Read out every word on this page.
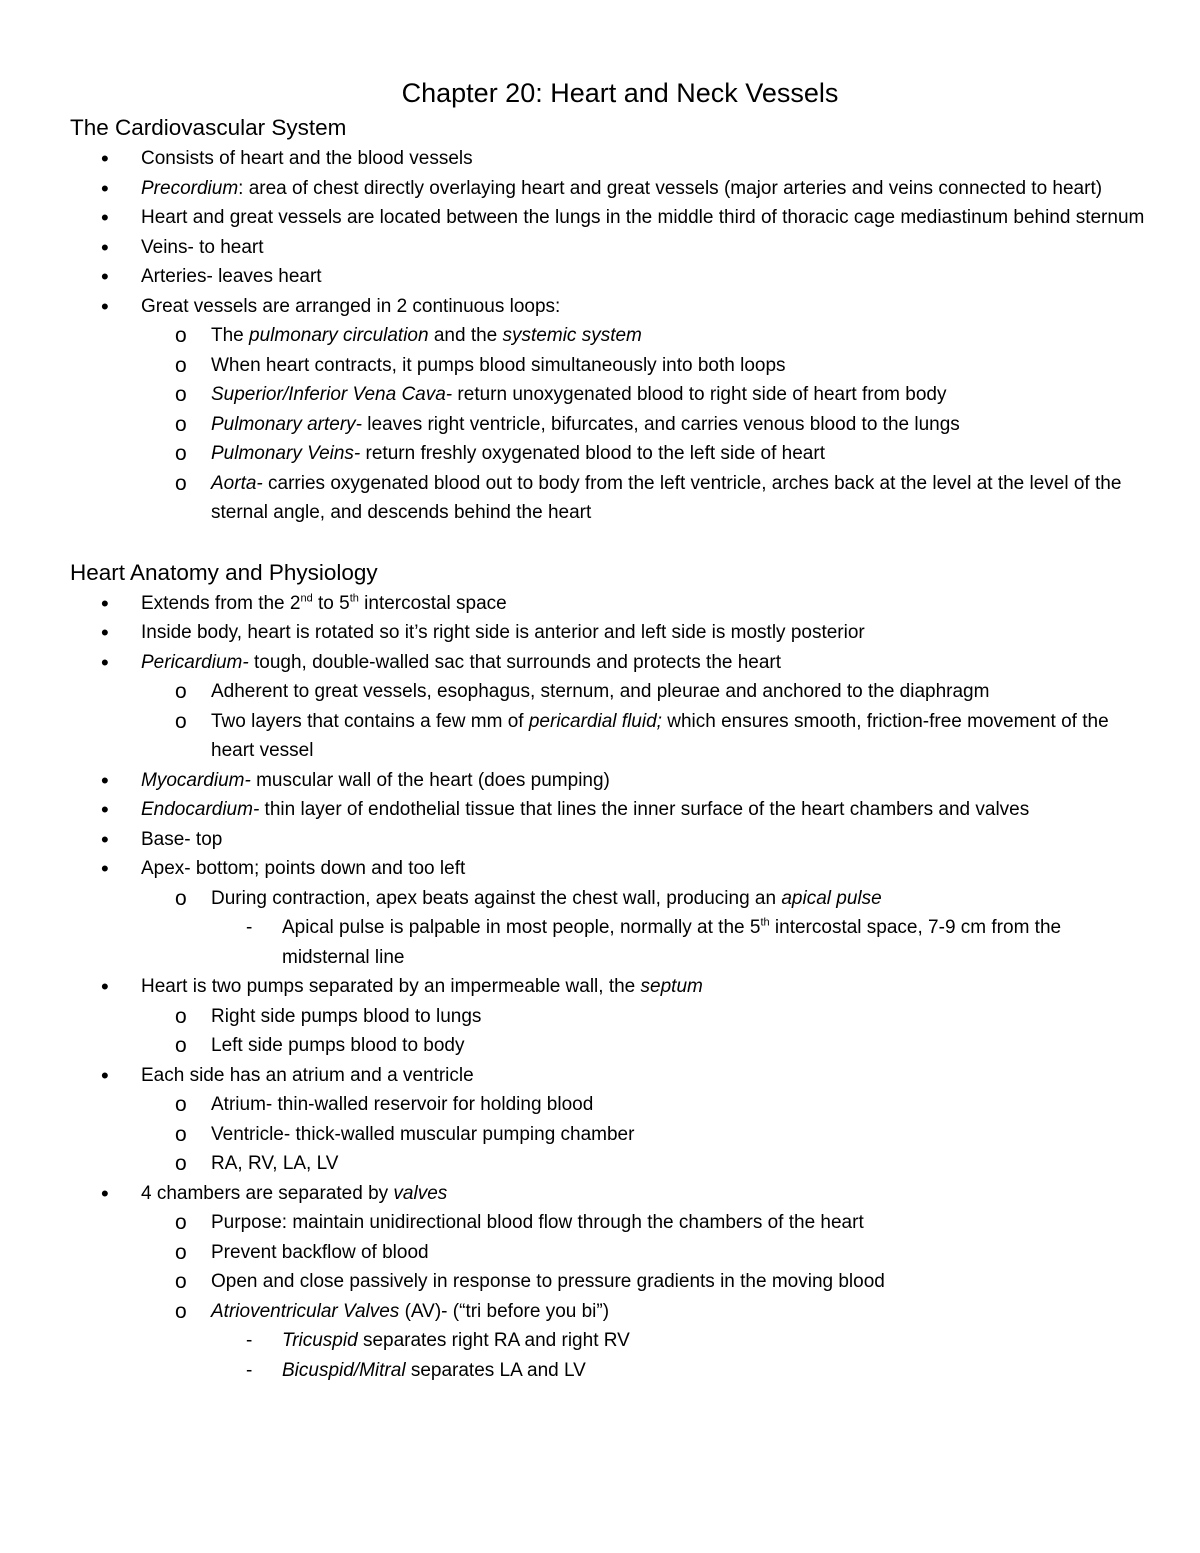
Chapter 20: Heart and Neck Vessels
The Cardiovascular System
•	Consists of heart and the blood vessels
•	Precordium: area of chest directly overlaying heart and great vessels (major arteries and veins connected to heart)
•	Heart and great vessels are located between the lungs in the middle third of thoracic cage mediastinum behind sternum
•	Veins- to heart
•	Arteries- leaves heart
•	Great vessels are arranged in 2 continuous loops:
o	The pulmonary circulation and the systemic system
o	When heart contracts, it pumps blood simultaneously into both loops
o	Superior/Inferior Vena Cava- return unoxygenated blood to right side of heart from body
o	Pulmonary artery- leaves right ventricle, bifurcates, and carries venous blood to the lungs
o	Pulmonary Veins- return freshly oxygenated blood to the left side of heart
o	Aorta- carries oxygenated blood out to body from the left ventricle, arches back at the level at the level of the sternal angle, and descends behind the heart
Heart Anatomy and Physiology
•	Extends from the 2nd to 5th intercostal space
•	Inside body, heart is rotated so it’s right side is anterior and left side is mostly posterior
•	Pericardium- tough, double-walled sac that surrounds and protects the heart
o	Adherent to great vessels, esophagus, sternum, and pleurae and anchored to the diaphragm
o	Two layers that contains a few mm of pericardial fluid; which ensures smooth, friction-free movement of the heart vessel
•	Myocardium- muscular wall of the heart (does pumping)
•	Endocardium- thin layer of endothelial tissue that lines the inner surface of the heart chambers and valves
•	Base- top
•	Apex- bottom; points down and too left
o	During contraction, apex beats against the chest wall, producing an apical pulse
-	Apical pulse is palpable in most people, normally at the 5th intercostal space, 7-9 cm from the midsternal line
•	Heart is two pumps separated by an impermeable wall, the septum
o	Right side pumps blood to lungs
o	Left side pumps blood to body
•	Each side has an atrium and a ventricle
o	Atrium- thin-walled reservoir for holding blood
o	Ventricle- thick-walled muscular pumping chamber
o	RA, RV, LA, LV
•	4 chambers are separated by valves
o	Purpose: maintain unidirectional blood flow through the chambers of the heart
o	Prevent backflow of blood
o	Open and close passively in response to pressure gradients in the moving blood
o	Atrioventricular Valves (AV)- (“tri before you bi”)
-	Tricuspid separates right RA and right RV
-	Bicuspid/Mitral separates LA and LV
